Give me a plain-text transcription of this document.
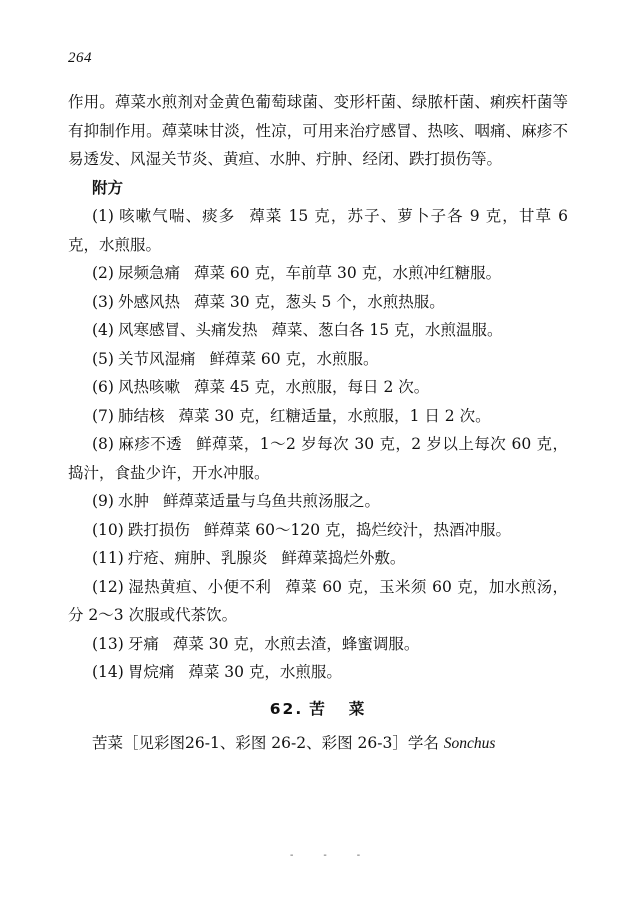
264

作用。蔊菜水煎剂对金黄色葡萄球菌、变形杆菌、绿脓杆菌、痢疾杆菌等有抑制作用。蔊菜味甘淡，性凉，可用来治疗感冒、热咳、咽痛、麻疹不易透发、风湿关节炎、黄疸、水肿、疔肿、经闭、跌打损伤等。

附方

(1) 咳嗽气喘、痰多 蔊菜 15 克，苏子、萝卜子各 9 克，甘草 6 克，水煎服。

(2) 尿频急痛 蔊菜 60 克，车前草 30 克，水煎冲红糖服。

(3) 外感风热 蔊菜 30 克，葱头 5 个，水煎热服。

(4) 风寒感冒、头痛发热 蔊菜、葱白各 15 克，水煎温服。

(5) 关节风湿痛 鲜蔊菜 60 克，水煎服。

(6) 风热咳嗽 蔊菜 45 克，水煎服，每日 2 次。

(7) 肺结核 蔊菜 30 克，红糖适量，水煎服，1 日 2 次。

(8) 麻疹不透 鲜蔊菜，1～2 岁每次 30 克，2 岁以上每次 60 克，捣汁，食盐少许，开水冲服。

(9) 水肿 鲜蔊菜适量与乌鱼共煎汤服之。

(10) 跌打损伤 鲜蔊菜 60～120 克，捣烂绞汁，热酒冲服。

(11) 疔疮、痈肿、乳腺炎 鲜蔊菜捣烂外敷。

(12) 湿热黄疸、小便不利 蔊菜 60 克，玉米须 60 克，加水煎汤，分 2～3 次服或代茶饮。

(13) 牙痛 蔊菜 30 克，水煎去渣，蜂蜜调服。

(14) 胃烷痛 蔊菜 30 克，水煎服。

62. 苦 菜

苦菜［见彩图26-1、彩图 26-2、彩图 26-3］学名 Sonchus

---
